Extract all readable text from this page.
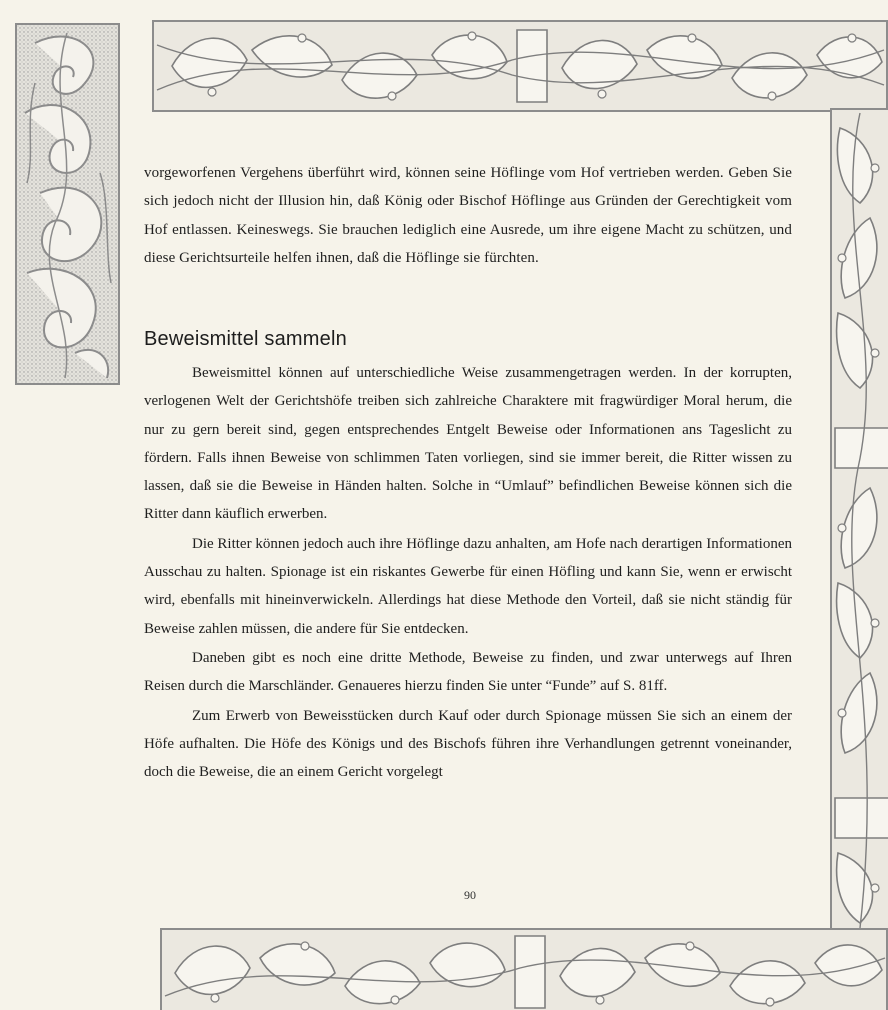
vorgeworfenen Vergehens überführt wird, können seine Höflinge vom Hof vertrieben werden. Geben Sie sich jedoch nicht der Illusion hin, daß König oder Bischof Höflinge aus Gründen der Gerechtigkeit vom Hof entlassen. Keineswegs. Sie brauchen lediglich eine Ausrede, um ihre eigene Macht zu schützen, und diese Gerichtsurteile helfen ihnen, daß die Höflinge sie fürchten.

Beweismittel sammeln

Beweismittel können auf unterschiedliche Weise zusammengetragen werden. In der korrupten, verlogenen Welt der Gerichtshöfe treiben sich zahlreiche Charaktere mit fragwürdiger Moral herum, die nur zu gern bereit sind, gegen entsprechendes Entgelt Beweise oder Informationen ans Tageslicht zu fördern. Falls ihnen Beweise von schlimmen Taten vorliegen, sind sie immer bereit, die Ritter wissen zu lassen, daß sie die Beweise in Händen halten. Solche in “Umlauf” befindlichen Beweise können sich die Ritter dann käuflich erwerben.

Die Ritter können jedoch auch ihre Höflinge dazu anhalten, am Hofe nach derartigen Informationen Ausschau zu halten. Spionage ist ein riskantes Gewerbe für einen Höfling und kann Sie, wenn er erwischt wird, ebenfalls mit hineinverwickeln. Allerdings hat diese Methode den Vorteil, daß sie nicht ständig für Beweise zahlen müssen, die andere für Sie entdecken.

Daneben gibt es noch eine dritte Methode, Beweise zu finden, und zwar unterwegs auf Ihren Reisen durch die Marschländer. Genaueres hierzu finden Sie unter “Funde” auf S. 81ff.

Zum Erwerb von Beweisstücken durch Kauf oder durch Spionage müssen Sie sich an einem der Höfe aufhalten. Die Höfe des Königs und des Bischofs führen ihre Verhandlungen getrennt voneinander, doch die Beweise, die an einem Gericht vorgelegt

90
